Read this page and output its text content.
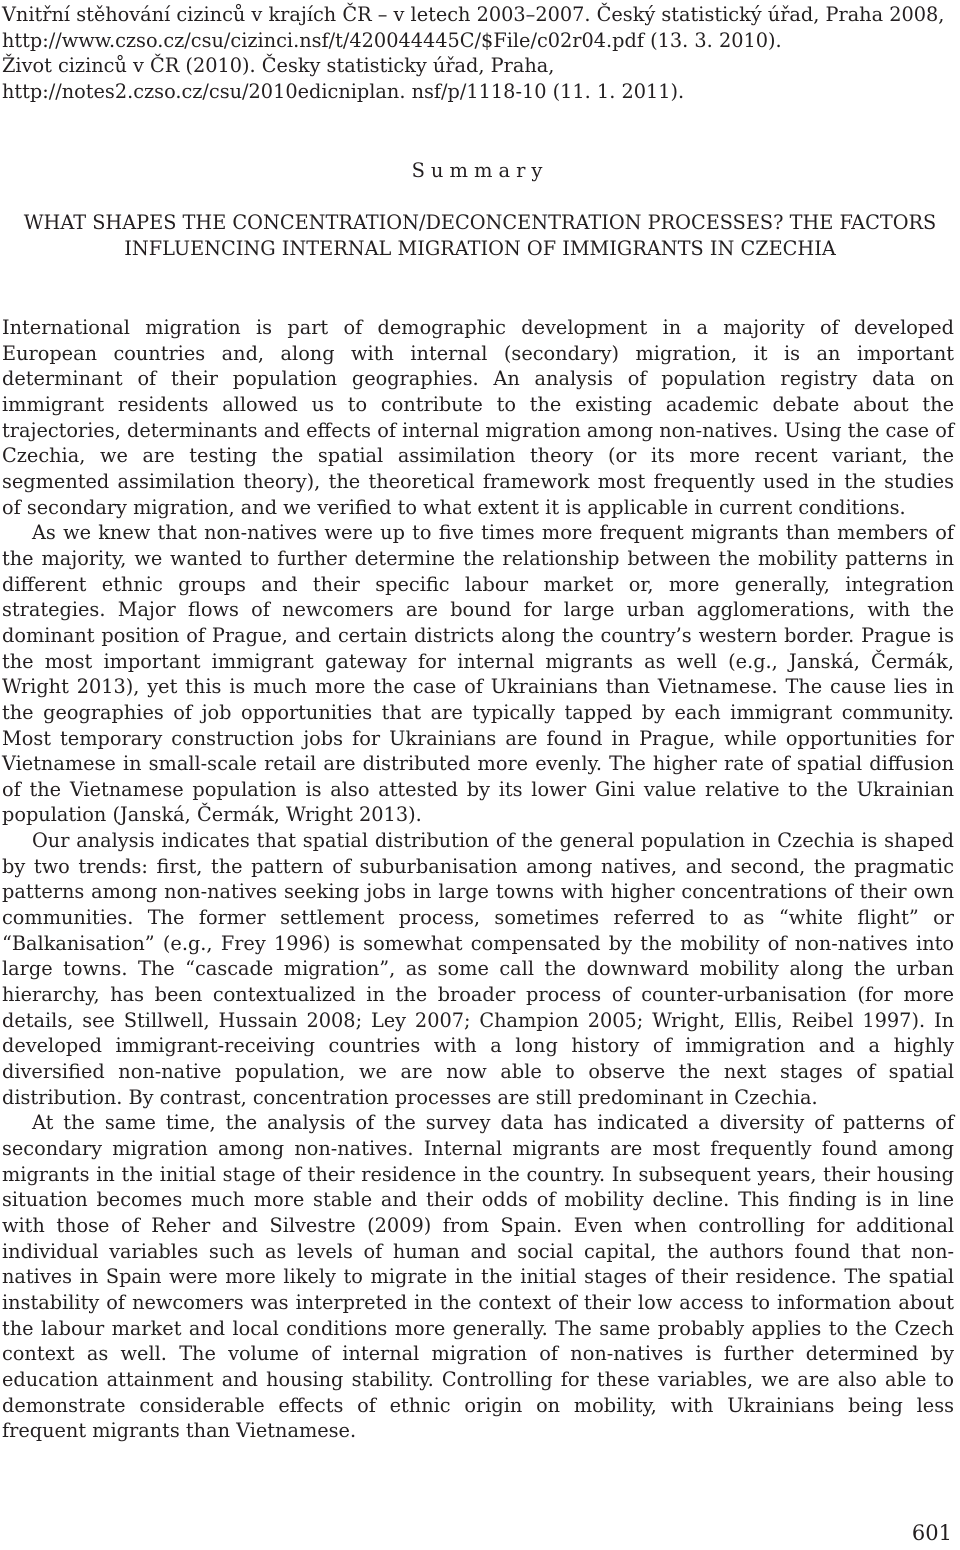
Vnitřní stěhování cizinců v krajích ČR – v letech 2003–2007. Český statistický úřad, Praha 2008, http://www.czso.cz/csu/cizinci.nsf/t/420044445C/$File/c02r04.pdf (13. 3. 2010).

Život cizinců v ČR (2010). Česky statisticky úřad, Praha, http://notes2.czso.cz/csu/2010edicniplan. nsf/p/1118-10 (11. 1. 2011).

Summary
WHAT SHAPES THE CONCENTRATION/DECONCENTRATION PROCESSES? THE FACTORS INFLUENCING INTERNAL MIGRATION OF IMMIGRANTS IN CZECHIA

International migration is part of demographic development in a majority of developed European countries and, along with internal (secondary) migration, it is an important determinant of their population geographies. An analysis of population registry data on immigrant residents allowed us to contribute to the existing academic debate about the trajectories, determinants and effects of internal migration among non-natives. Using the case of Czechia, we are testing the spatial assimilation theory (or its more recent variant, the segmented assimilation theory), the theoretical framework most frequently used in the studies of secondary migration, and we verified to what extent it is applicable in current conditions.

As we knew that non-natives were up to five times more frequent migrants than members of the majority, we wanted to further determine the relationship between the mobility patterns in different ethnic groups and their specific labour market or, more generally, integration strategies. Major flows of newcomers are bound for large urban agglomerations, with the dominant position of Prague, and certain districts along the country’s western border. Prague is the most important immigrant gateway for internal migrants as well (e.g., Janská, Čermák, Wright 2013), yet this is much more the case of Ukrainians than Vietnamese. The cause lies in the geographies of job opportunities that are typically tapped by each immigrant community. Most temporary construction jobs for Ukrainians are found in Prague, while opportunities for Vietnamese in small-scale retail are distributed more evenly. The higher rate of spatial diffusion of the Vietnamese population is also attested by its lower Gini value relative to the Ukrainian population (Janská, Čermák, Wright 2013).

Our analysis indicates that spatial distribution of the general population in Czechia is shaped by two trends: first, the pattern of suburbanisation among natives, and second, the pragmatic patterns among non-natives seeking jobs in large towns with higher concentrations of their own communities. The former settlement process, sometimes referred to as “white flight” or “Balkanisation” (e.g., Frey 1996) is somewhat compensated by the mobility of non-natives into large towns. The “cascade migration”, as some call the downward mobility along the urban hierarchy, has been contextualized in the broader process of counter-urbanisation (for more details, see Stillwell, Hussain 2008; Ley 2007; Champion 2005; Wright, Ellis, Reibel 1997). In developed immigrant-receiving countries with a long history of immigration and a highly diversified non-native population, we are now able to observe the next stages of spatial distribution. By contrast, concentration processes are still predominant in Czechia.

At the same time, the analysis of the survey data has indicated a diversity of patterns of secondary migration among non-natives. Internal migrants are most frequently found among migrants in the initial stage of their residence in the country. In subsequent years, their housing situation becomes much more stable and their odds of mobility decline. This finding is in line with those of Reher and Silvestre (2009) from Spain. Even when controlling for additional individual variables such as levels of human and social capital, the authors found that non-natives in Spain were more likely to migrate in the initial stages of their residence. The spatial instability of newcomers was interpreted in the context of their low access to information about the labour market and local conditions more generally. The same probably applies to the Czech context as well. The volume of internal migration of non-natives is further determined by education attainment and housing stability. Controlling for these variables, we are also able to demonstrate considerable effects of ethnic origin on mobility, with Ukrainians being less frequent migrants than Vietnamese.

601
